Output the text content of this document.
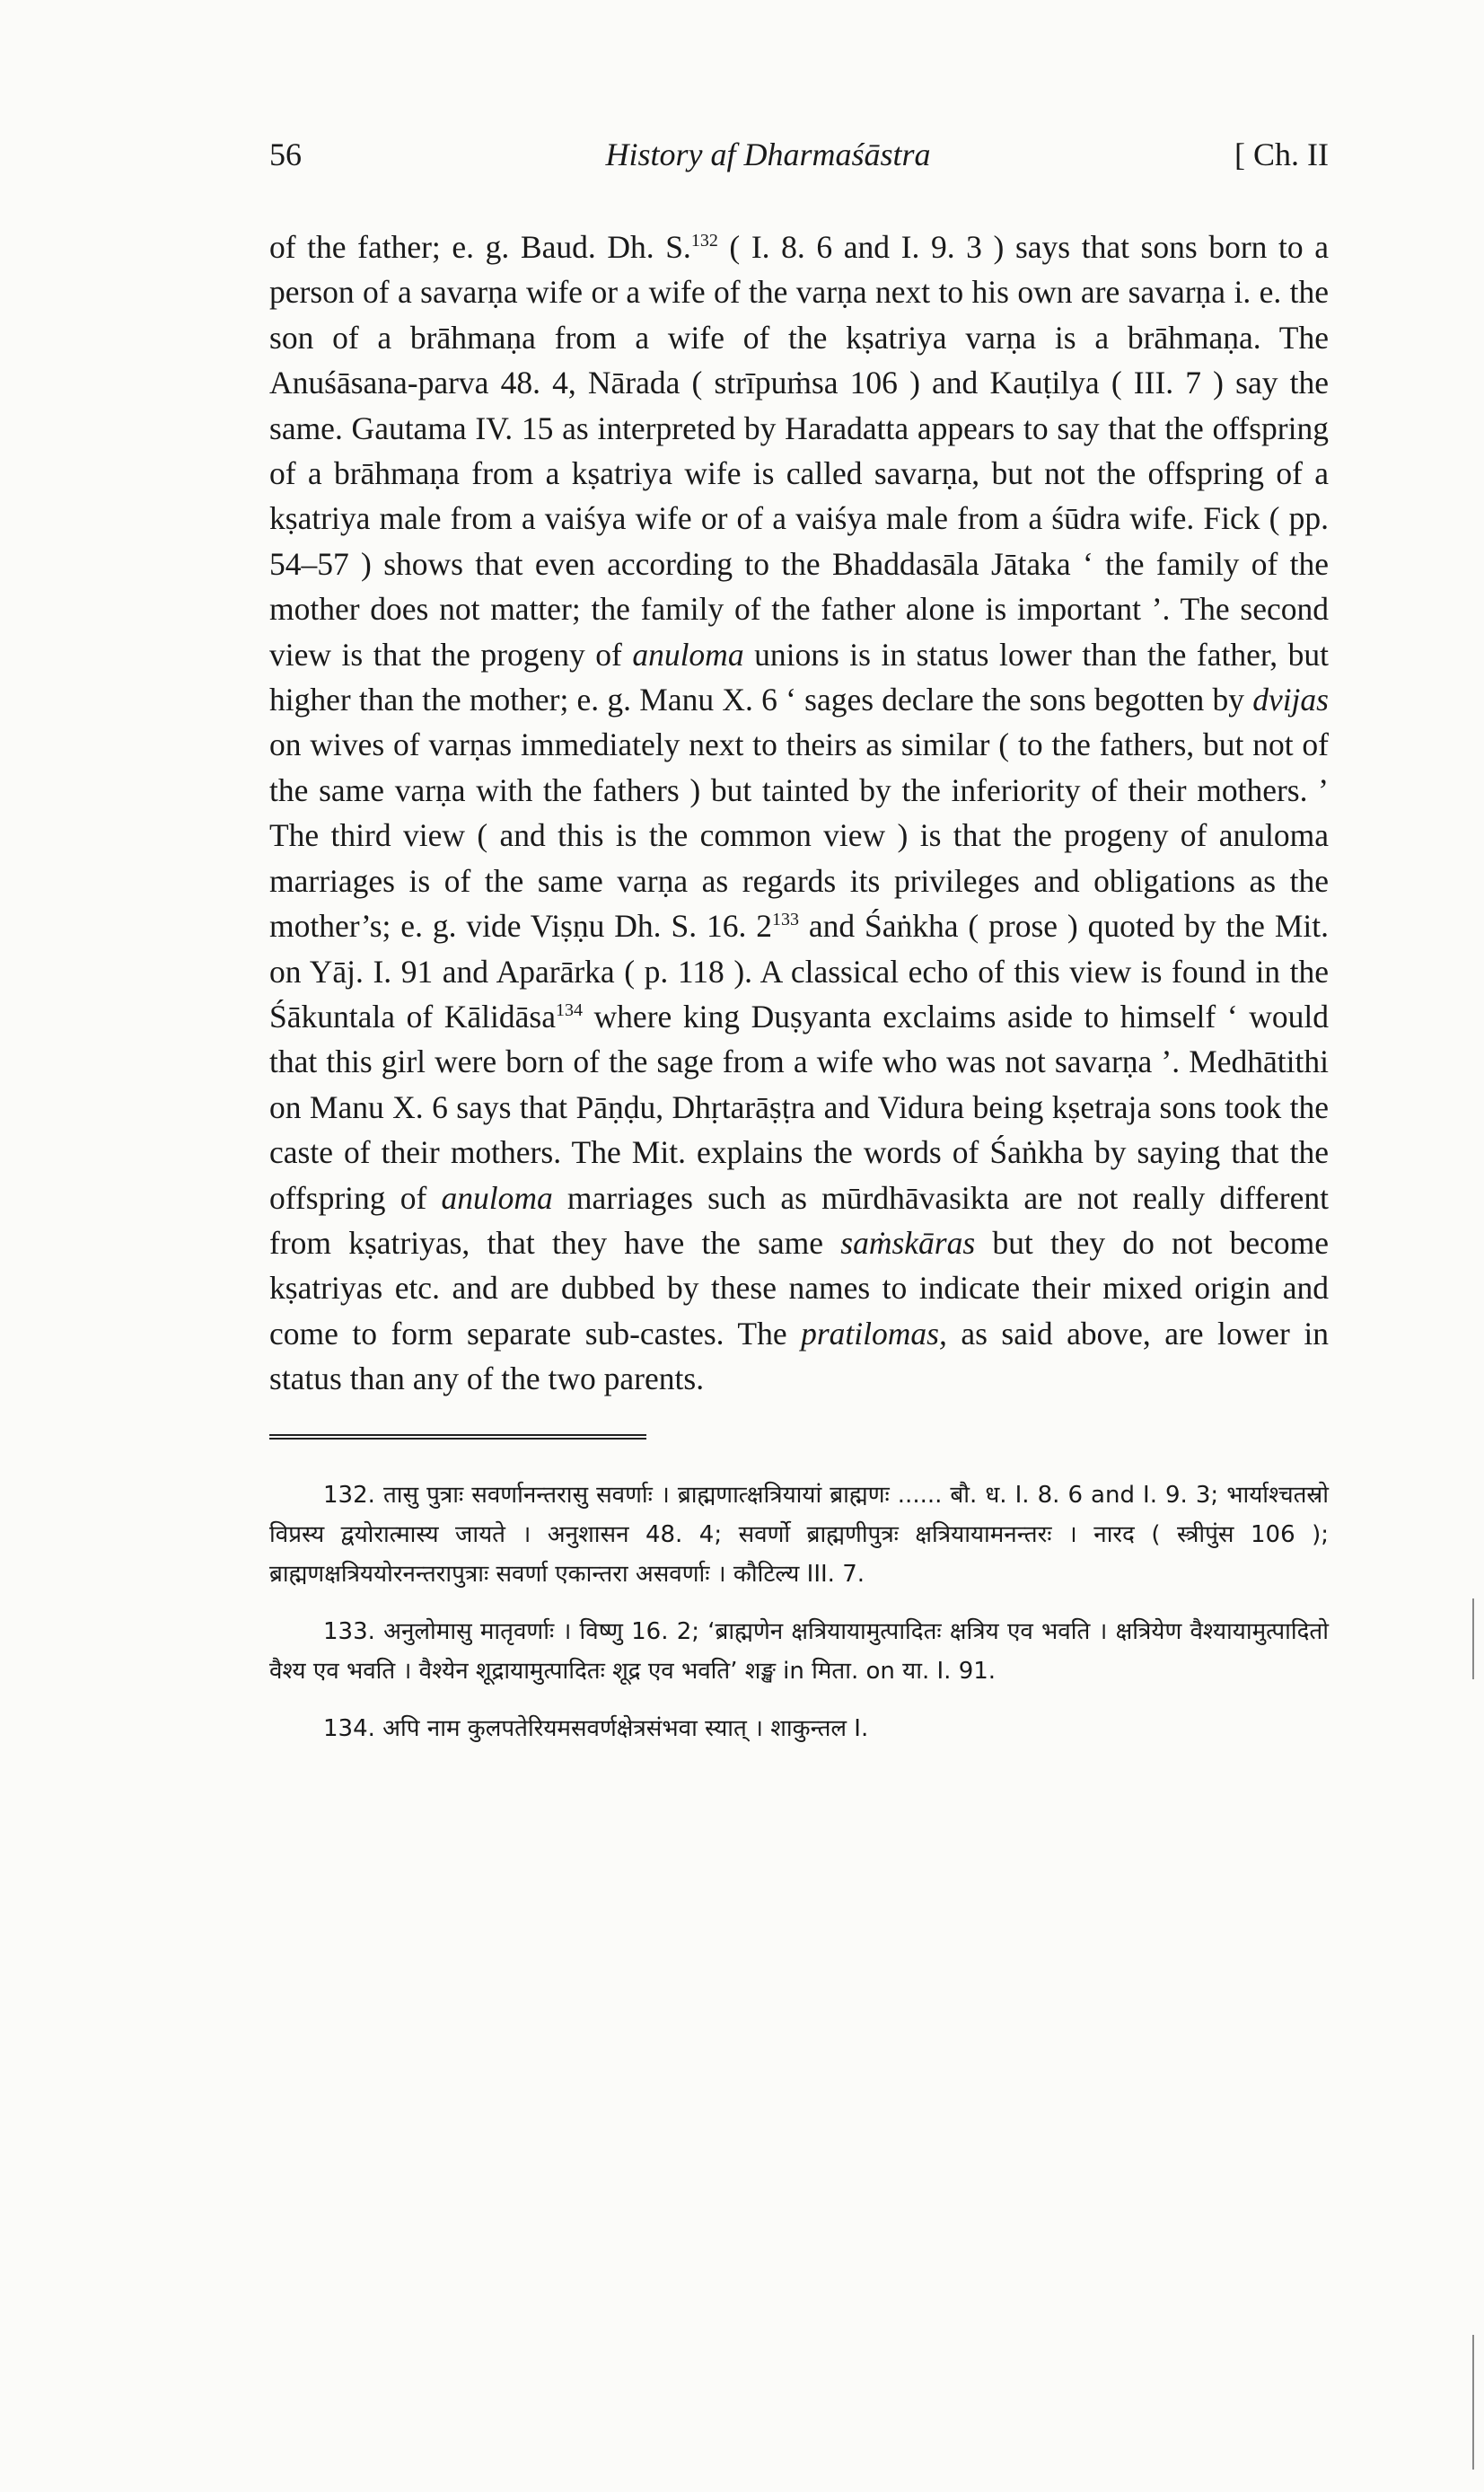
56	History af Dharmaśāstra	[ Ch. II

of the father; e. g. Baud. Dh. S.$^{132}$ ( I. 8. 6 and I. 9. 3 ) says that sons born to a person of a savarṇa wife or a wife of the varṇa next to his own are savarṇa i. e. the son of a brāhmaṇa from a wife of the kṣatriya varṇa is a brāhmaṇa. The Anuśāsana-parva 48. 4, Nārada ( strīpuṁsa 106 ) and Kauṭilya ( III. 7 ) say the same. Gautama IV. 15 as interpreted by Haradatta appears to say that the offspring of a brāhmaṇa from a kṣatriya wife is called savarṇa, but not the offspring of a kṣatriya male from a vaiśya wife or of a vaiśya male from a śūdra wife. Fick ( pp. 54–57 ) shows that even according to the Bhaddasāla Jātaka ‘ the family of the mother does not matter; the family of the father alone is important ’. The second view is that the progeny of anuloma unions is in status lower than the father, but higher than the mother; e. g. Manu X. 6 ‘ sages declare the sons begotten by dvijas on wives of varṇas immediately next to theirs as similar ( to the fathers, but not of the same varṇa with the fathers ) but tainted by the inferiority of their mothers. ’ The third view ( and this is the common view ) is that the progeny of anuloma marriages is of the same varṇa as regards its privileges and obligations as the mother’s; e. g. vide Viṣṇu Dh. S. 16. $2^{133}$ and Śaṅkha ( prose ) quoted by the Mit. on Yāj. I. 91 and Aparārka ( p. 118 ). A classical echo of this view is found in the Śākuntala of Kālidāsa$^{134}$ where king Duṣyanta exclaims aside to himself ‘ would that this girl were born of the sage from a wife who was not savarṇa ’. Medhātithi on Manu X. 6 says that Pāṇḍu, Dhṛtarāṣṭra and Vidura being kṣetraja sons took the caste of their mothers. The Mit. explains the words of Śaṅkha by saying that the offspring of anuloma marriages such as mūrdhāvasikta are not really different from kṣatriyas, that they have the same saṁskāras but they do not become kṣatriyas etc. and are dubbed by these names to indicate their mixed origin and come to form separate sub-castes. The pratilomas, as said above, are lower in status than any of the two parents.

132. तासु पुत्राः सवर्णानन्तरासु सवर्णाः । ब्राह्मणात्क्षत्रियायां ब्राह्मणः ...... बौ. ध. I. 8. 6 and I. 9. 3; भार्याश्चतस्रो विप्रस्य द्वयोरात्मास्य जायते । अनुशासन 48. 4; सवर्णो ब्राह्मणीपुत्रः क्षत्रियायामनन्तरः । नारद ( स्त्रीपुंस 106 ); ब्राह्मणक्षत्रिययोरनन्तरापुत्राः सवर्णा एकान्तरा असवर्णाः । कौटिल्य III. 7.

133. अनुलोमासु मातृवर्णाः । विष्णु 16. 2; ‘ब्राह्मणेन क्षत्रियायामुत्पादितः क्षत्रिय एव भवति । क्षत्रियेण वैश्यायामुत्पादितो वैश्य एव भवति । वैश्येन शूद्रायामुत्पादितः शूद्र एव भवति’ शङ्ख in मिता. on या. I. 91.

134. अपि नाम कुलपतेरियमसवर्णक्षेत्रसंभवा स्यात् । शाकुन्तल I.
